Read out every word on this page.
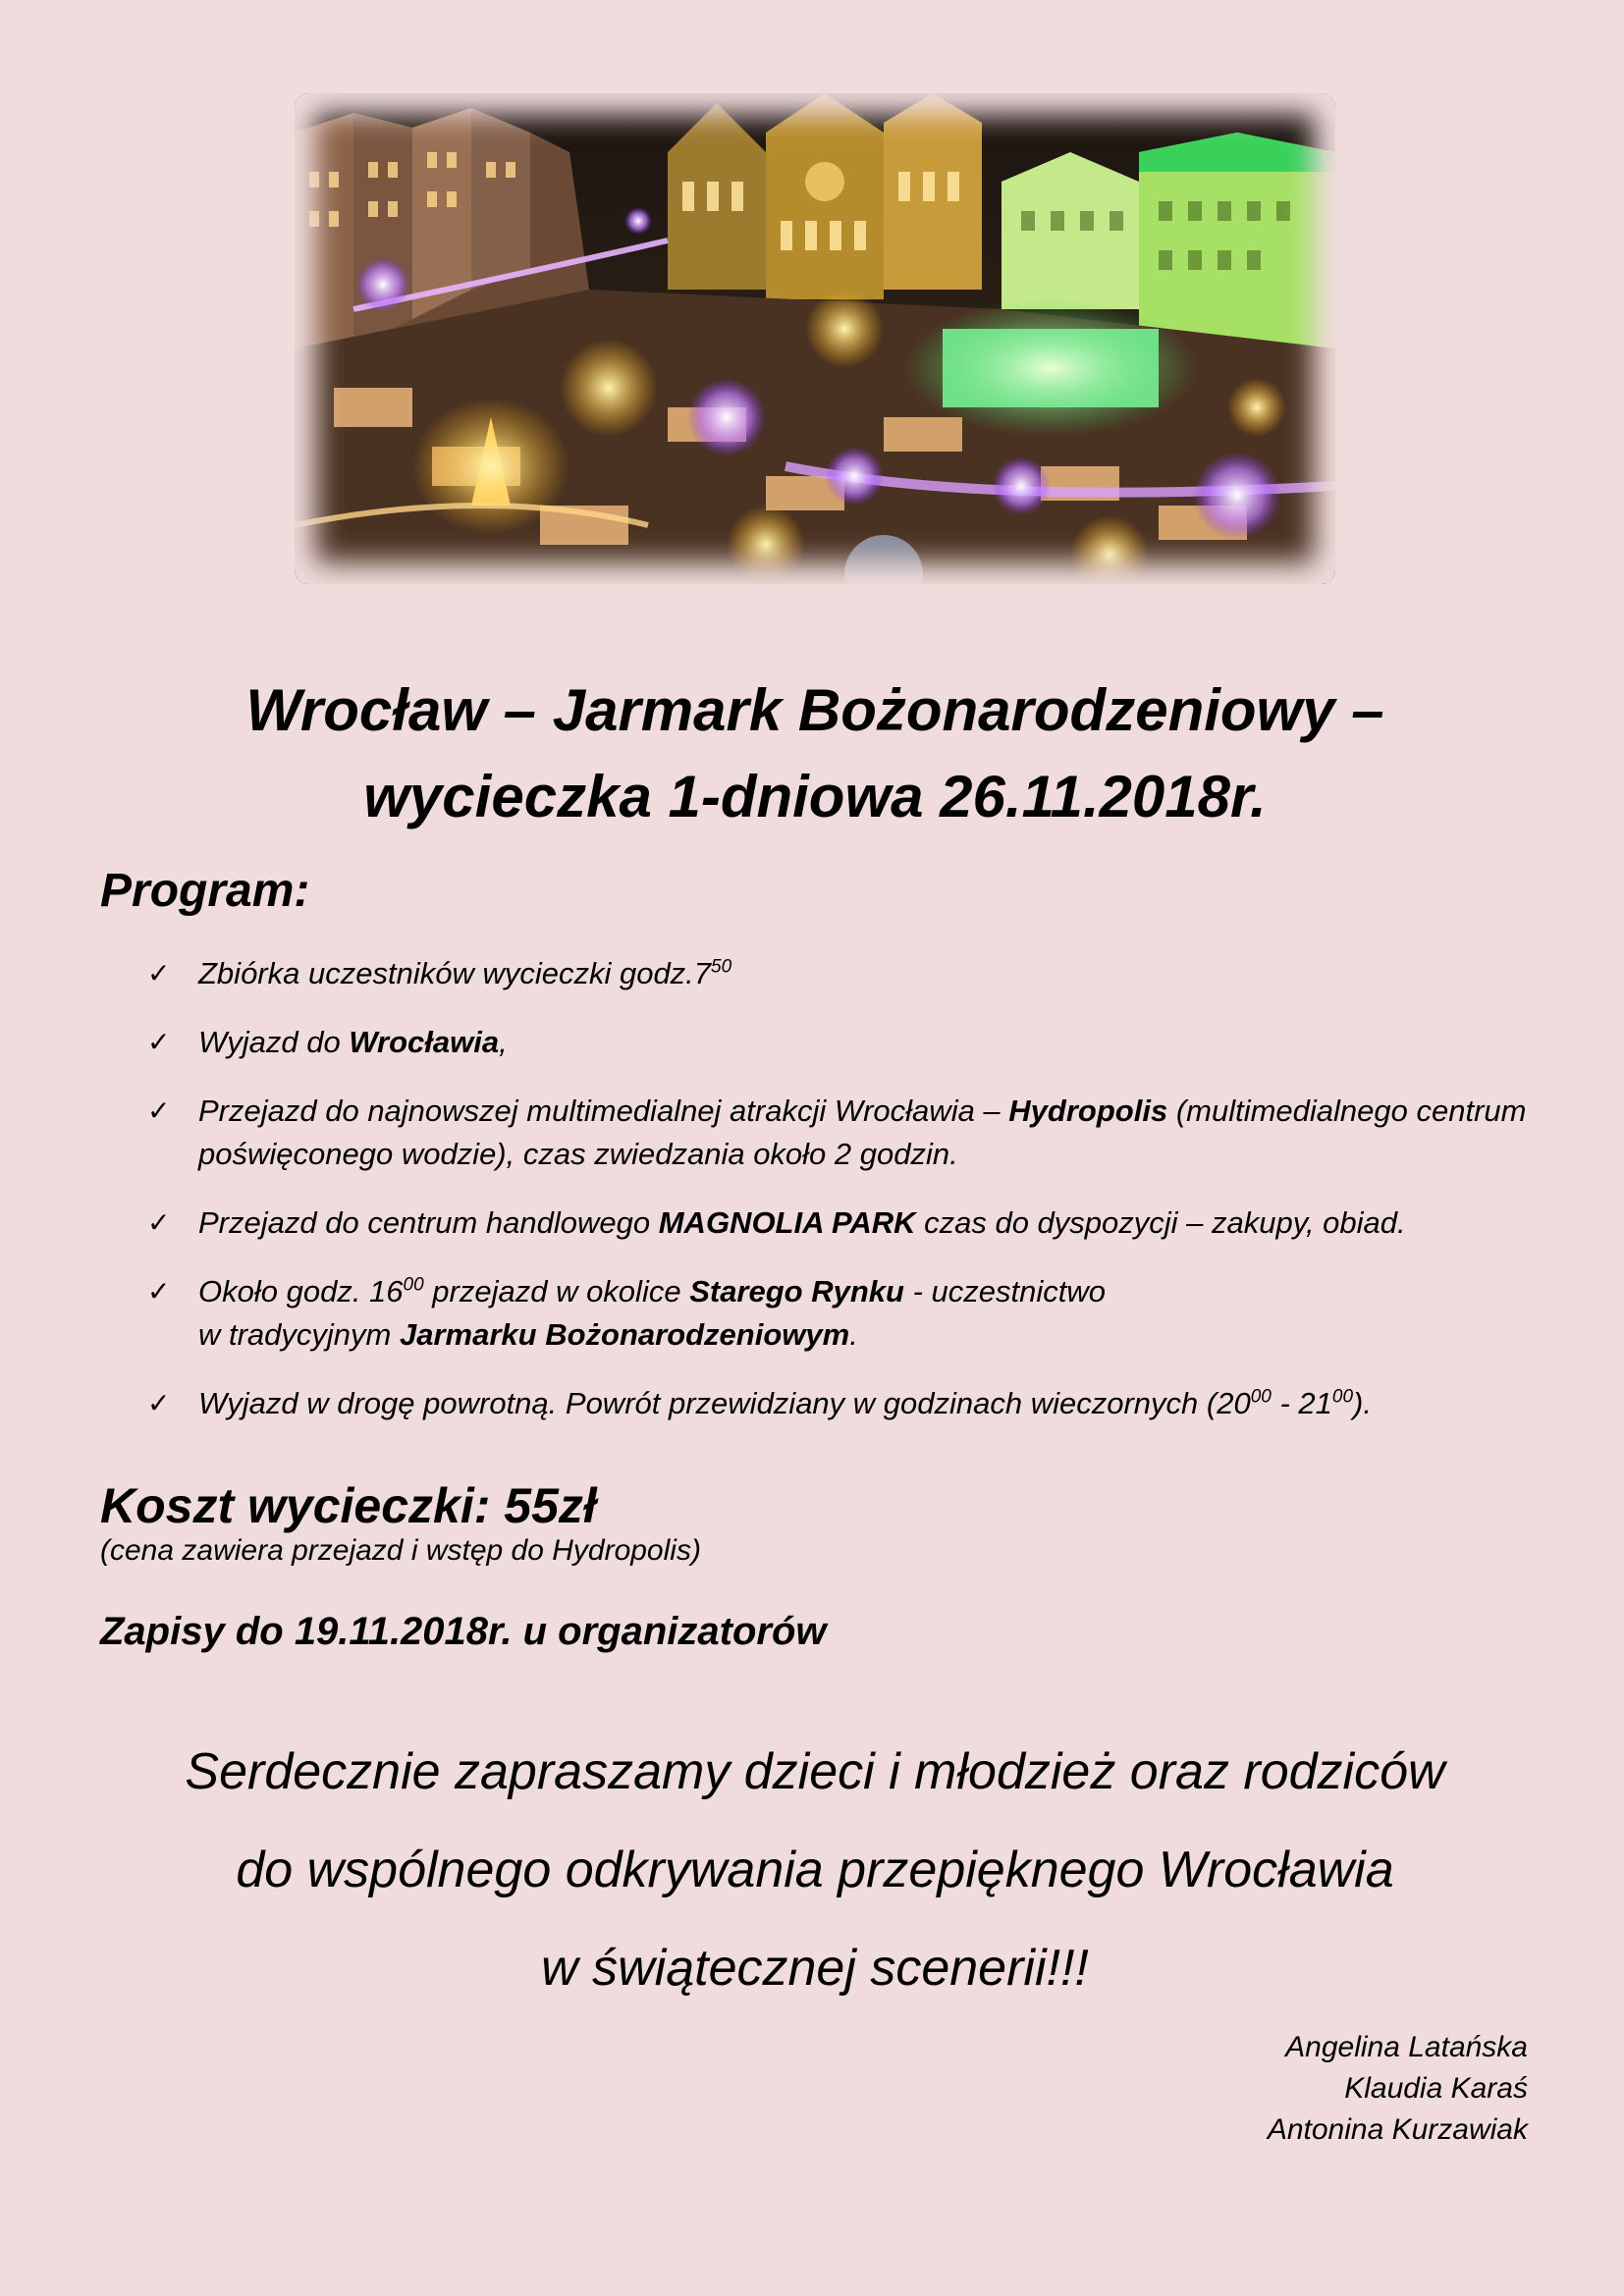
Wrocław – Jarmark Bożonarodzeniowy –
wycieczka 1-dniowa 26.11.2018r.
Program:
✓ Zbiórka uczestników wycieczki $godz.7^{50}$
✓ Wyjazd do Wrocławia,
✓ Przejazd do najnowszej multimedialnej atrakcji Wrocławia – Hydropolis (multimedialnego centrum poświęconego wodzie), czas zwiedzania około 2 godzin.
✓ Przejazd do centrum handlowego MAGNOLIA PARK czas do dyspozycji – zakupy, obiad.
✓ Około godz. $16^{00}$ przejazd w okolice Starego Rynku - uczestnictwo
w tradycyjnym Jarmarku Bożonarodzeniowym.
✓ Wyjazd w drogę powrotną. Powrót przewidziany w godzinach wieczornych $(20^{00} - 21^{00})$.
Koszt wycieczki: 55zł
(cena zawiera przejazd i wstęp do Hydropolis)
Zapisy do 19.11.2018r. u organizatorów
Serdecznie zapraszamy dzieci i młodzież oraz rodziców
do wspólnego odkrywania przepięknego Wrocławia
w świątecznej scenerii!!!
Angelina Latańska
Klaudia Karaś
Antonina Kurzawiak
